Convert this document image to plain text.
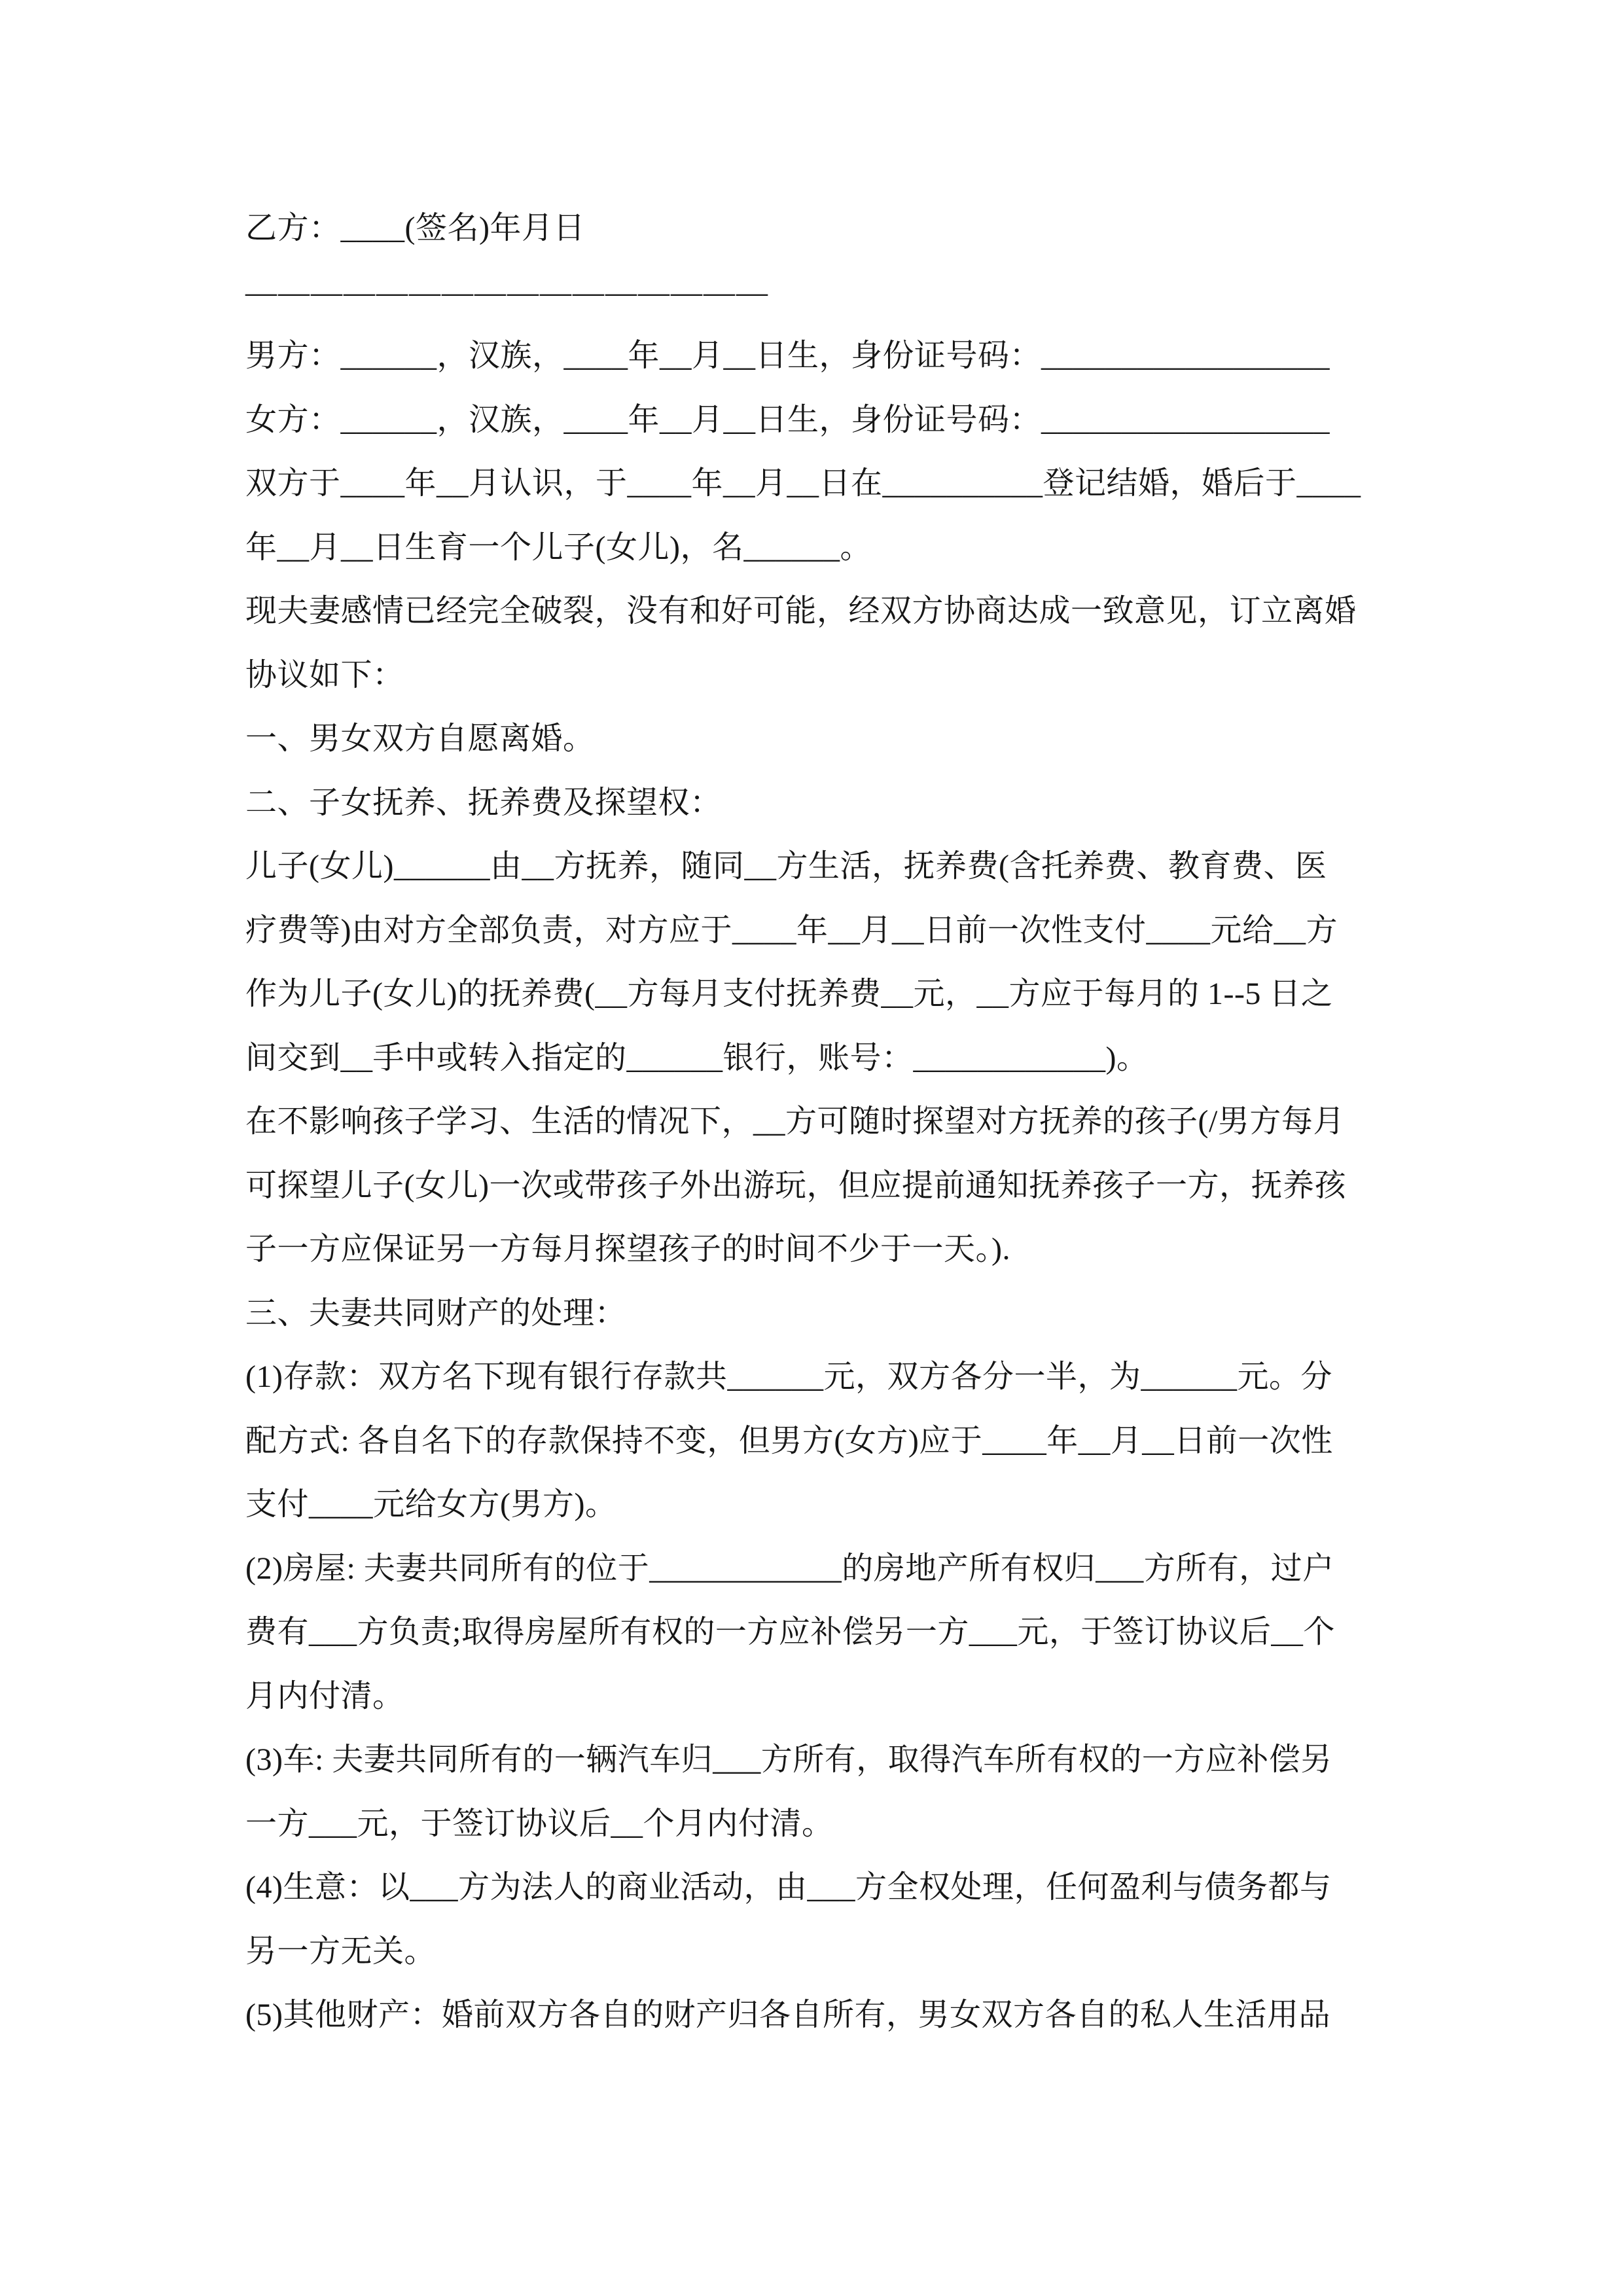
乙方：____(签名)年月日
————————————————
男方：______，汉族，____年__月__日生，身份证号码：__________________
女方：______，汉族，____年__月__日生，身份证号码：__________________
双方于____年__月认识，于____年__月__日在__________登记结婚，婚后于____
年__月__日生育一个儿子(女儿)，名______。
现夫妻感情已经完全破裂，没有和好可能，经双方协商达成一致意见，订立离婚
协议如下：
一、男女双方自愿离婚。
二、子女抚养、抚养费及探望权：
儿子(女儿)______由__方抚养，随同__方生活，抚养费(含托养费、教育费、医
疗费等)由对方全部负责，对方应于____年__月__日前一次性支付____元给__方
作为儿子(女儿)的抚养费(__方每月支付抚养费__元，__方应于每月的 1--5 日之
间交到__手中或转入指定的______银行，账号：____________)。
在不影响孩子学习、生活的情况下，__方可随时探望对方抚养的孩子(/男方每月
可探望儿子(女儿)一次或带孩子外出游玩，但应提前通知抚养孩子一方，抚养孩
子一方应保证另一方每月探望孩子的时间不少于一天。).
三、夫妻共同财产的处理：
(1)存款：双方名下现有银行存款共______元，双方各分一半，为______元。分
配方式: 各自名下的存款保持不变，但男方(女方)应于____年__月__日前一次性
支付____元给女方(男方)。
(2)房屋: 夫妻共同所有的位于____________的房地产所有权归___方所有，过户
费有___方负责;取得房屋所有权的一方应补偿另一方___元，于签订协议后__个
月内付清。
(3)车: 夫妻共同所有的一辆汽车归___方所有，取得汽车所有权的一方应补偿另
一方___元，于签订协议后__个月内付清。
(4)生意：以___方为法人的商业活动，由___方全权处理，任何盈利与债务都与
另一方无关。
(5)其他财产：婚前双方各自的财产归各自所有，男女双方各自的私人生活用品
